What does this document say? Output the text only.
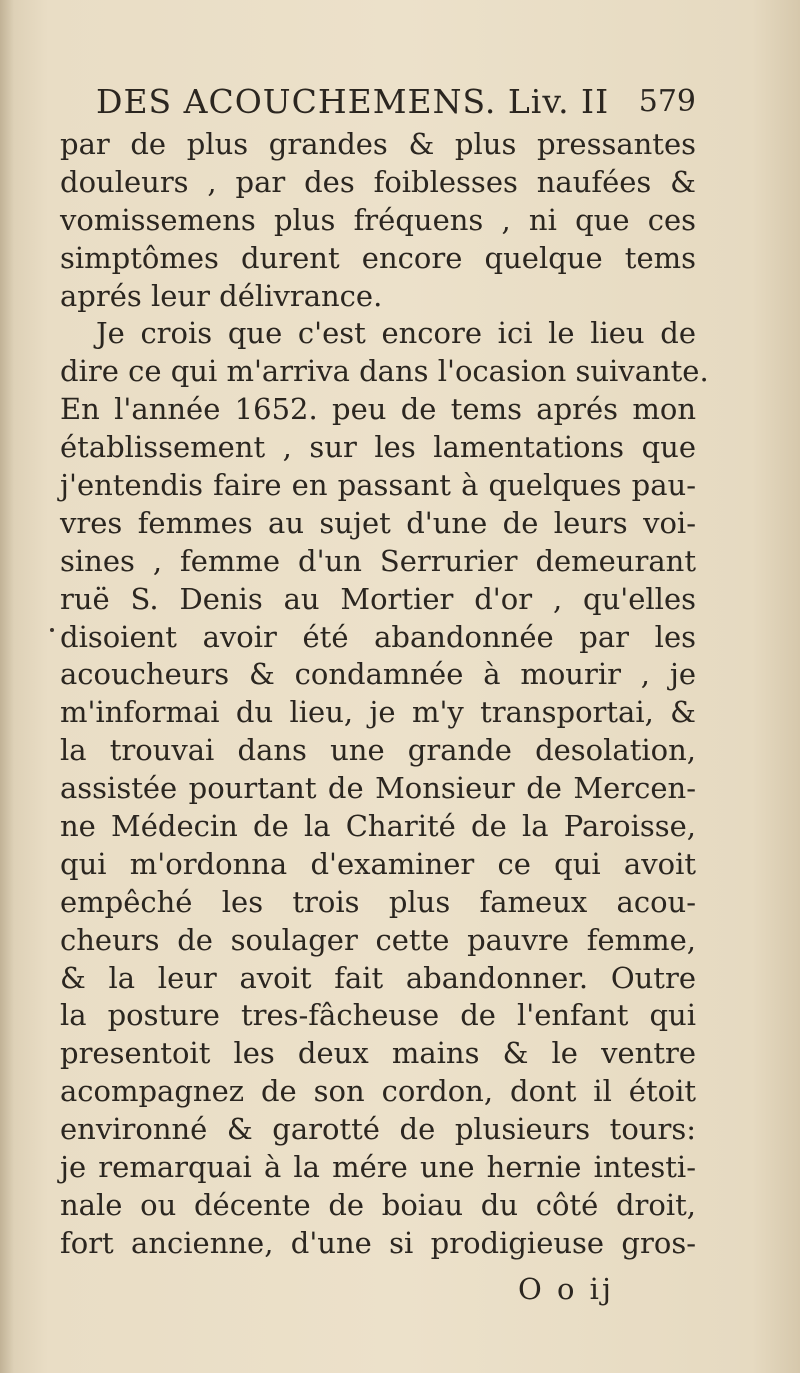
DES ACOUCHEMENS. Liv. II 579
par de plus grandes & plus pressantes
douleurs , par des foiblesses naufées &
vomissemens plus fréquens , ni que ces
simptômes durent encore quelque tems
aprés leur délivrance.
Je crois que c'est encore ici le lieu de
dire ce qui m'arriva dans l'ocasion suivante.
En l'année 1652. peu de tems aprés mon
établissement , sur les lamentations que
j'entendis faire en passant à quelques pau-
vres femmes au sujet d'une de leurs voi-
sines , femme d'un Serrurier demeurant
ruë S. Denis au Mortier d'or , qu'elles
disoient avoir été abandonnée par les
acoucheurs & condamnée à mourir , je
m'informai du lieu, je m'y transportai, &
la trouvai dans une grande desolation,
assistée pourtant de Monsieur de Mercen-
ne Médecin de la Charité de la Paroisse,
qui m'ordonna d'examiner ce qui avoit
empêché les trois plus fameux acou-
cheurs de soulager cette pauvre femme,
& la leur avoit fait abandonner. Outre
la posture tres-fâcheuse de l'enfant qui
presentoit les deux mains & le ventre
acompagnez de son cordon, dont il étoit
environné & garotté de plusieurs tours:
je remarquai à la mére une hernie intesti-
nale ou décente de boiau du côté droit,
fort ancienne, d'une si prodigieuse gros-
O o ij
